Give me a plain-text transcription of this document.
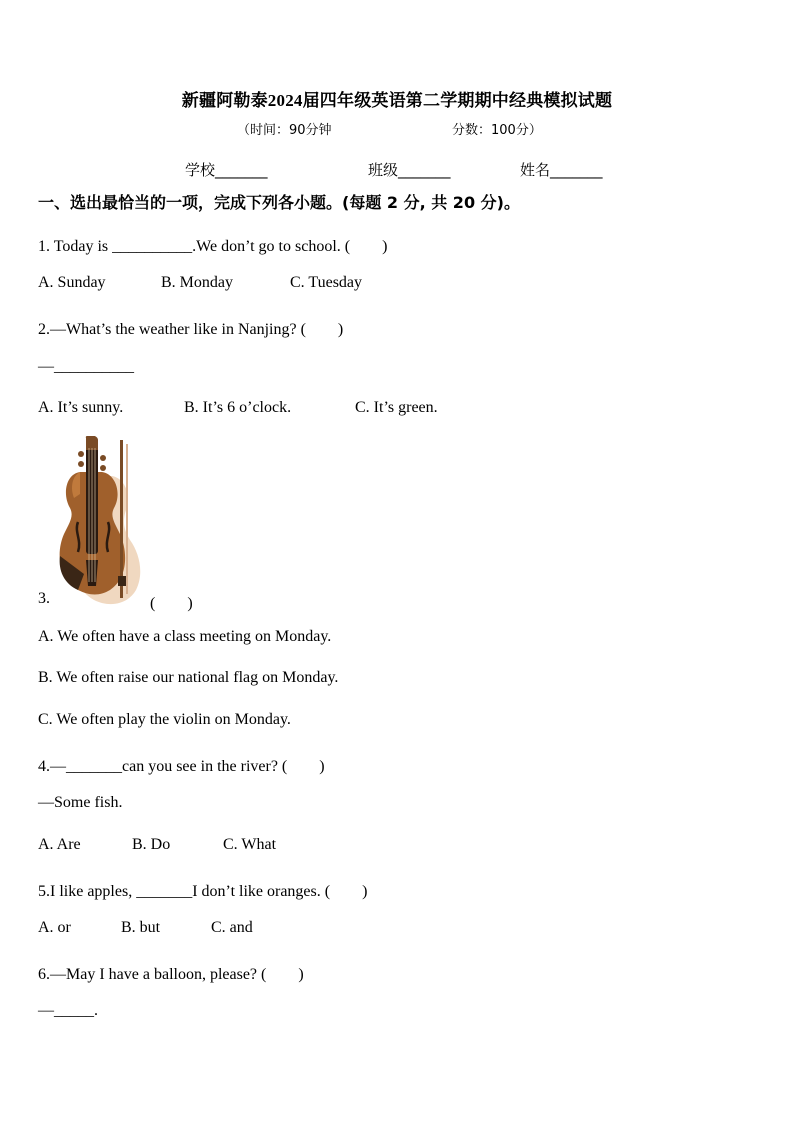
新疆阿勒泰2024届四年级英语第二学期期中经典模拟试题
（时间：90分钟	分数：100分）
学校_______	班级_______	姓名_______
一、选出最恰当的一项，完成下列各小题。(每题 2 分, 共 20 分)。
1. Today is __________.We don’t go to school. (　　)
A. Sunday	B. Monday	C. Tuesday
2.—What’s the weather like in Nanjing? (　　)
—__________
A. It’s sunny.	B. It’s 6 o’clock.	C. It’s green.
3.	(　　)
A. We often have a class meeting on Monday.
B. We often raise our national flag on Monday.
C. We often play the violin on Monday.
4.—_______can you see in the river? (　　)
—Some fish.
A. Are	B. Do	C. What
5.I like apples, _______I don’t like oranges. (　　)
A. or	B. but	C. and
6.—May I have a balloon, please? (　　)
—_____.
